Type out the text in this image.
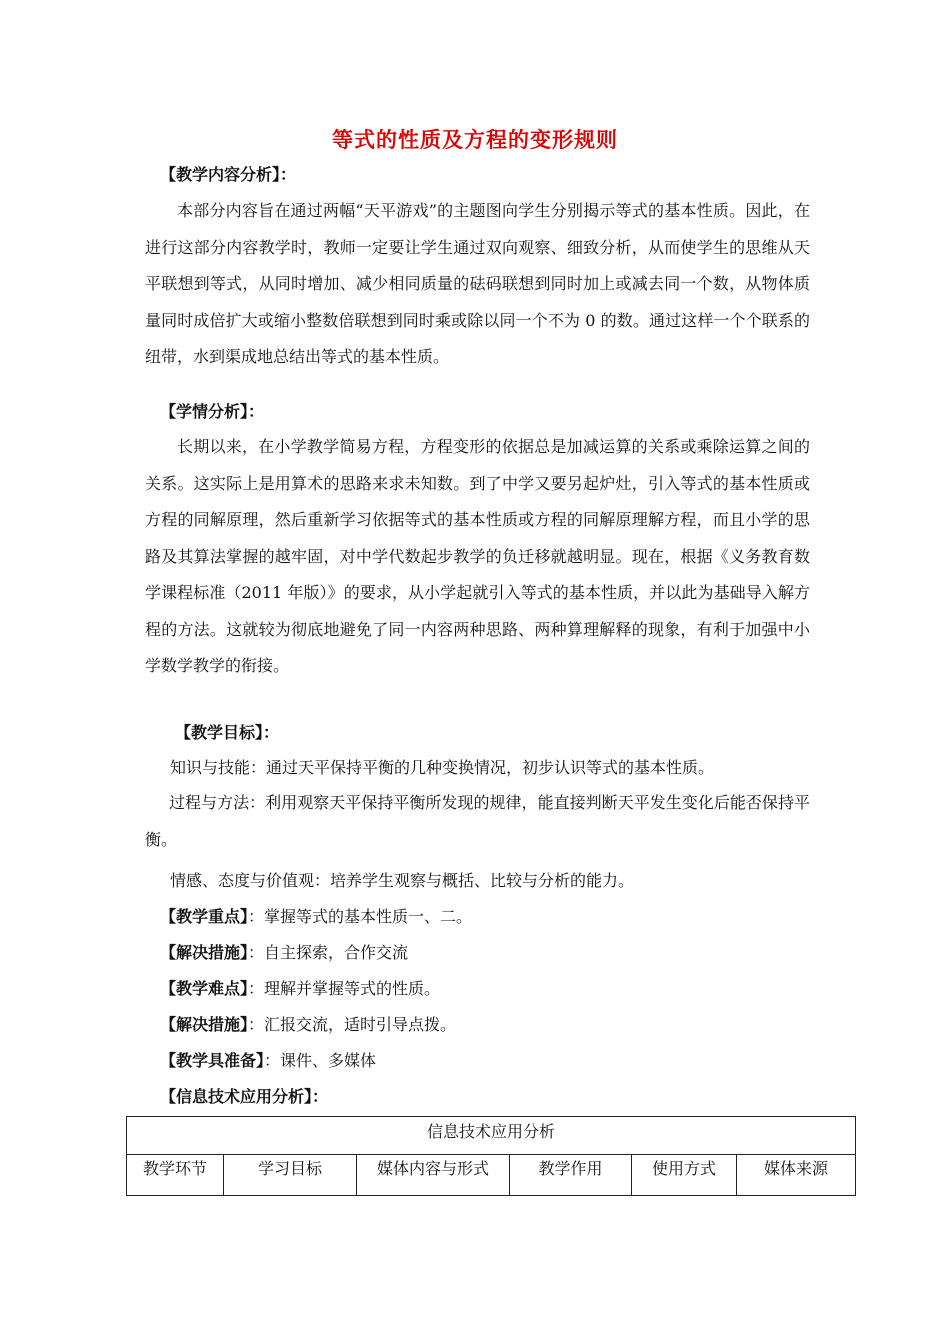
等式的性质及方程的变形规则
【教学内容分析】：
本部分内容旨在通过两幅“天平游戏”的主题图向学生分别揭示等式的基本性质。因此，在进行这部分内容教学时，教师一定要让学生通过双向观察、细致分析，从而使学生的思维从天平联想到等式，从同时增加、减少相同质量的砝码联想到同时加上或减去同一个数，从物体质量同时成倍扩大或缩小整数倍联想到同时乘或除以同一个不为 0 的数。通过这样一个个联系的纽带，水到渠成地总结出等式的基本性质。
【学情分析】：
长期以来，在小学教学简易方程，方程变形的依据总是加减运算的关系或乘除运算之间的关系。这实际上是用算术的思路来求未知数。到了中学又要另起炉灶，引入等式的基本性质或方程的同解原理，然后重新学习依据等式的基本性质或方程的同解原理解方程，而且小学的思路及其算法掌握的越牢固，对中学代数起步教学的负迁移就越明显。现在，根据《义务教育数学课程标准（2011 年版）》的要求，从小学起就引入等式的基本性质，并以此为基础导入解方程的方法。这就较为彻底地避免了同一内容两种思路、两种算理解释的现象，有利于加强中小学数学教学的衔接。
【教学目标】：
知识与技能：通过天平保持平衡的几种变换情况，初步认识等式的基本性质。
过程与方法：利用观察天平保持平衡所发现的规律，能直接判断天平发生变化后能否保持平衡。
情感、态度与价值观：培养学生观察与概括、比较与分析的能力。
【教学重点】：掌握等式的基本性质一、二。
【解决措施】：自主探索，合作交流
【教学难点】：理解并掌握等式的性质。
【解决措施】：汇报交流，适时引导点拨。
【教学具准备】：课件、多媒体
【信息技术应用分析】：
信息技术应用分析
教学环节	学习目标	媒体内容与形式	教学作用	使用方式	媒体来源
